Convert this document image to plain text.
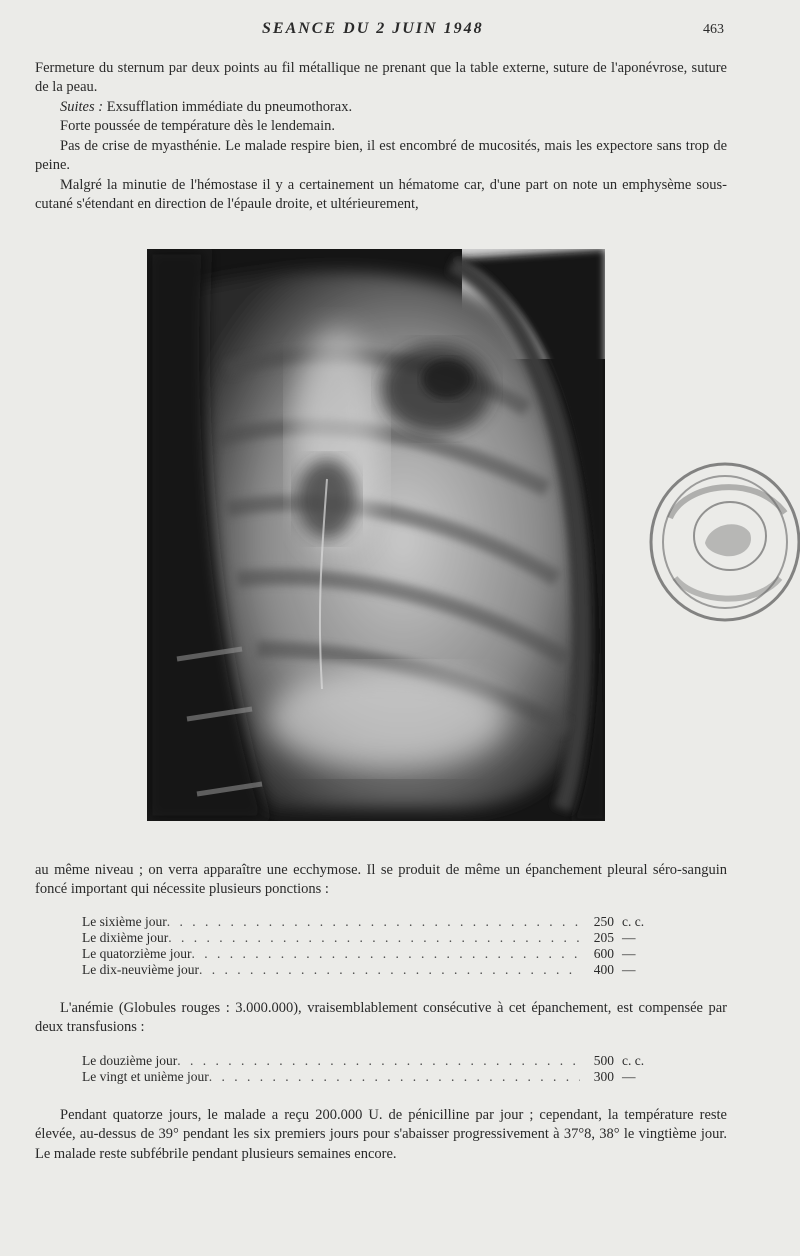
SEANCE DU 2 JUIN 1948	463

Fermeture du sternum par deux points au fil métallique ne prenant que la table externe, suture de l'aponévrose, suture de la peau.

Suites : Exsufflation immédiate du pneumothorax.

Forte poussée de température dès le lendemain.

Pas de crise de myasthénie. Le malade respire bien, il est encombré de mucosités, mais les expectore sans trop de peine.

Malgré la minutie de l'hémostase il y a certainement un hématome car, d'une part on note un emphysème sous-cutané s'étendant en direction de l'épaule droite, et ultérieurement,

au même niveau ; on verra apparaître une ecchymose. Il se produit de même un épanchement pleural séro-sanguin foncé important qui nécessite plusieurs ponctions :

Le sixième jour . . .	250 c. c.
Le dixième jour . . .	205 —
Le quatorzième jour . . .	600 —
Le dix-neuvième jour . . .	400 —

L'anémie (Globules rouges : 3.000.000), vraisemblablement consécutive à cet épanchement, est compensée par deux transfusions :

Le douzième jour . . .	500 c. c.
Le vingt et unième jour . . .	300 —

Pendant quatorze jours, le malade a reçu 200.000 U. de pénicilline par jour ; cependant, la température reste élevée, au-dessus de 39° pendant les six premiers jours pour s'abaisser progressivement à 37°8, 38° le vingtième jour. Le malade reste subfébrile pendant plusieurs semaines encore.
